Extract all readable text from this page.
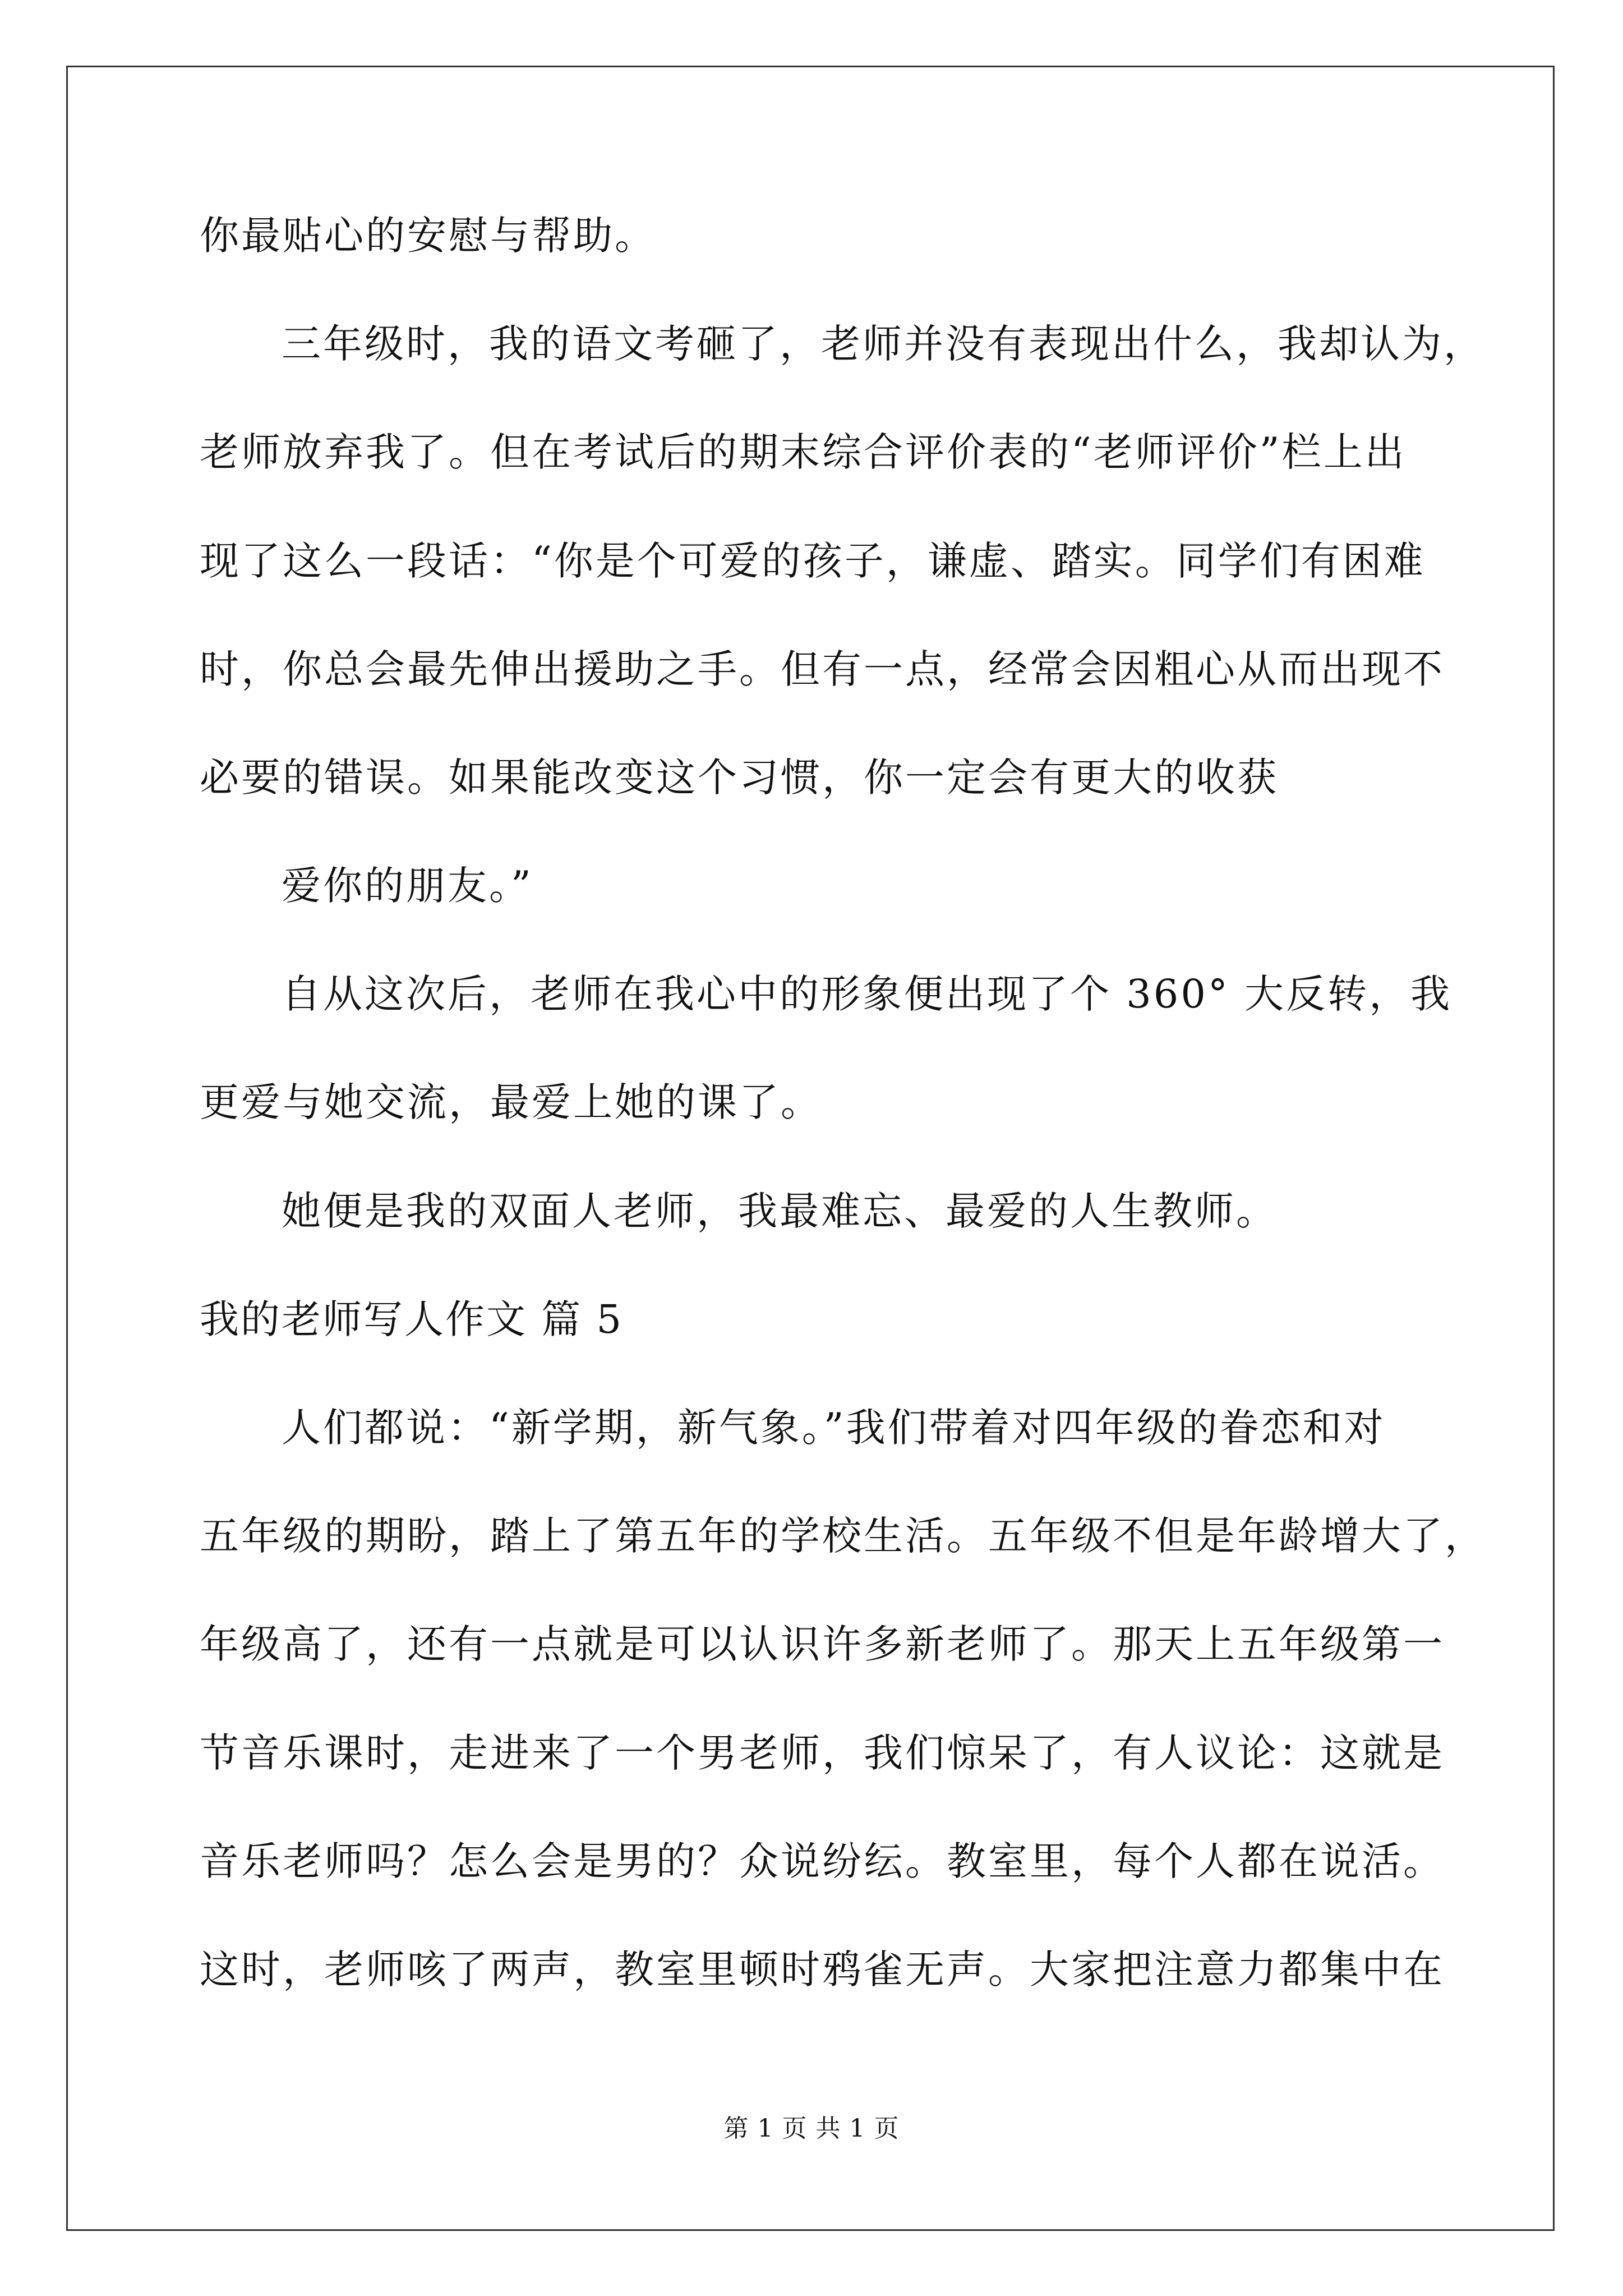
你最贴心的安慰与帮助。
三年级时，我的语文考砸了，老师并没有表现出什么，我却认为，
老师放弃我了。但在考试后的期末综合评价表的“老师评价”栏上出
现了这么一段话：“你是个可爱的孩子，谦虚、踏实。同学们有困难
时，你总会最先伸出援助之手。但有一点，经常会因粗心从而出现不
必要的错误。如果能改变这个习惯，你一定会有更大的收获
爱你的朋友。”
自从这次后，老师在我心中的形象便出现了个 360° 大反转，我
更爱与她交流，最爱上她的课了。
她便是我的双面人老师，我最难忘、最爱的人生教师。
我的老师写人作文 篇 5
人们都说：“新学期，新气象。”我们带着对四年级的眷恋和对
五年级的期盼，踏上了第五年的学校生活。五年级不但是年龄增大了，
年级高了，还有一点就是可以认识许多新老师了。那天上五年级第一
节音乐课时，走进来了一个男老师，我们惊呆了，有人议论：这就是
音乐老师吗？怎么会是男的？众说纷纭。教室里，每个人都在说活。
这时，老师咳了两声，教室里顿时鸦雀无声。大家把注意力都集中在
第 1 页 共 1 页
